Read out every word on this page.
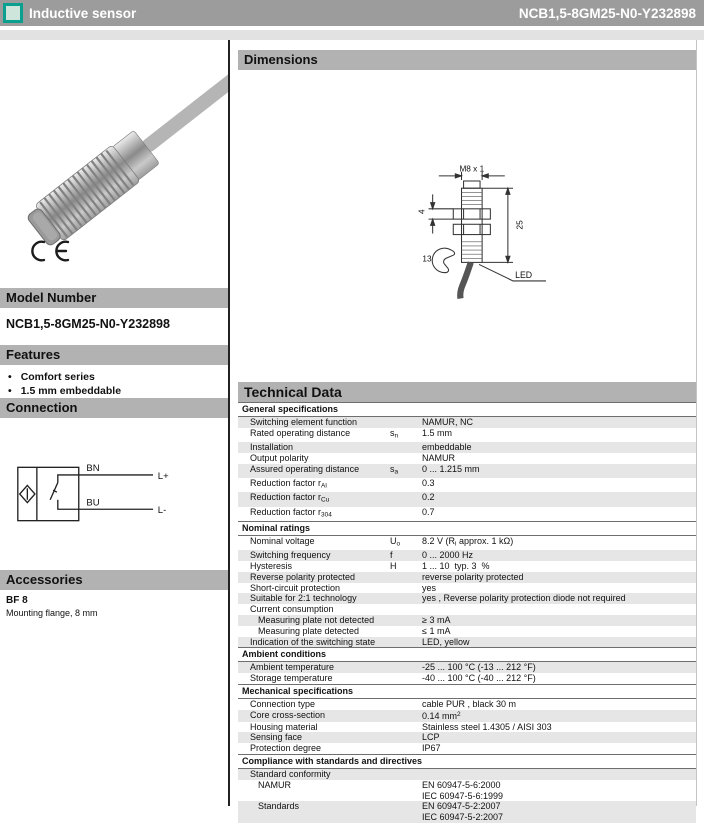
Inductive sensor	NCB1,5-8GM25-N0-Y232898
Model Number
NCB1,5-8GM25-N0-Y232898
Features
• Comfort series
• 1.5 mm embeddable
Connection
BN
BU
L+
L-
Accessories
BF 8
Mounting flange, 8 mm
Dimensions
M8 x 1
4
25
13
LED
Technical Data
General specifications
Switching element function	NAMUR, NC
Rated operating distance	$s_n$	1.5 mm
Installation	embeddable
Output polarity	NAMUR
Assured operating distance	$s_a$	0 ... 1.215 mm
Reduction factor $r_{Al}$	0.3
Reduction factor $r_{Cu}$	0.2
Reduction factor $r_{304}$	0.7
Nominal ratings
Nominal voltage	$U_o$	8.2 V ($R_i$ approx. 1 kΩ)
Switching frequency	f	0 ... 2000 Hz
Hysteresis	H	1 ... 10  typ. 3  %
Reverse polarity protected	reverse polarity protected
Short-circuit protection	yes
Suitable for 2:1 technology	yes , Reverse polarity protection diode not required
Current consumption
Measuring plate not detected	≥ 3 mA
Measuring plate detected	≤ 1 mA
Indication of the switching state	LED, yellow
Ambient conditions
Ambient temperature	-25 ... 100 °C (-13 ... 212 °F)
Storage temperature	-40 ... 100 °C (-40 ... 212 °F)
Mechanical specifications
Connection type	cable PUR , black 30 m
Core cross-section	0.14 $mm^2$
Housing material	Stainless steel 1.4305 / AISI 303
Sensing face	LCP
Protection degree	IP67
Compliance with standards and directives
Standard conformity
NAMUR	EN 60947-5-6:2000
IEC 60947-5-6:1999
Standards	EN 60947-5-2:2007
IEC 60947-5-2:2007
